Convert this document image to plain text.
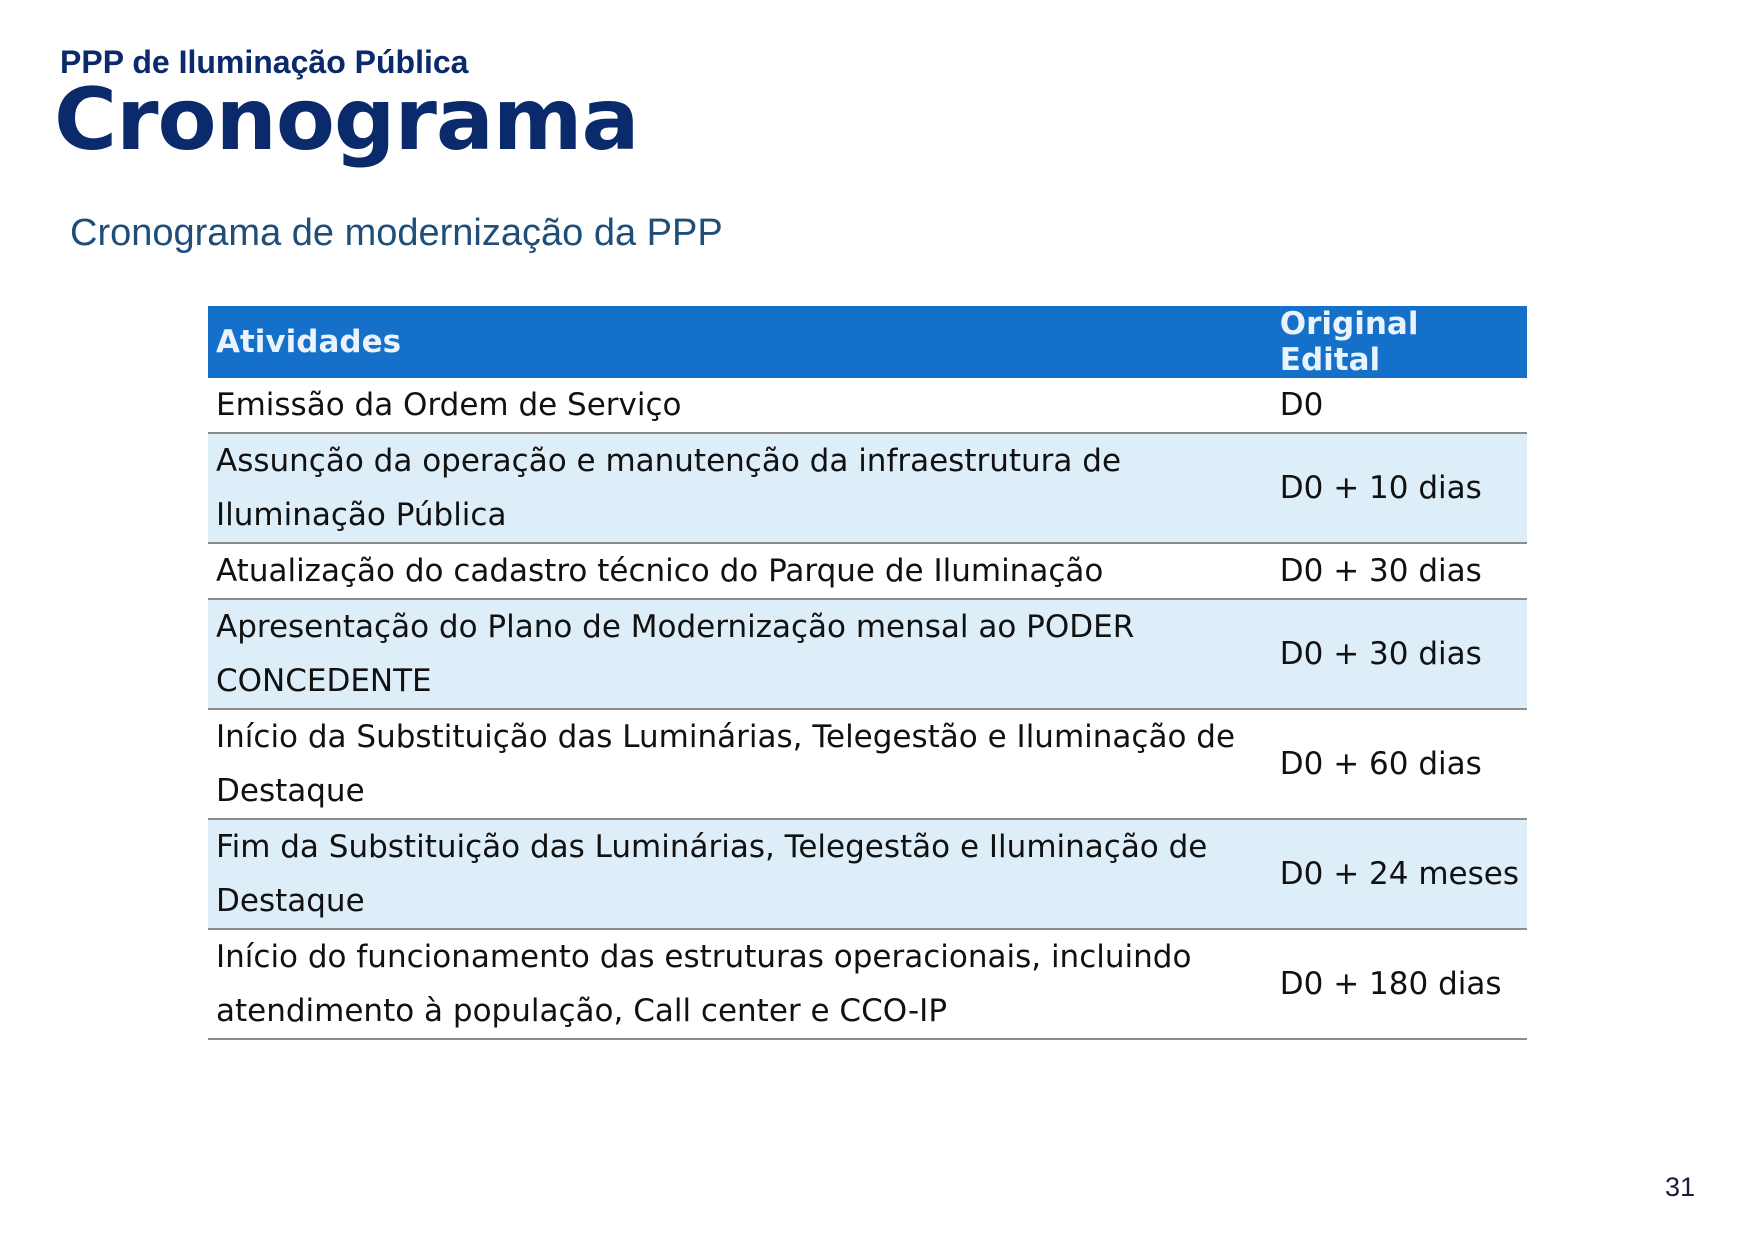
PPP de Iluminação Pública
Cronograma
Cronograma de modernização da PPP
Atividades	Original Edital
Emissão da Ordem de Serviço	D0
Assunção da operação e manutenção da infraestrutura de Iluminação Pública	D0 + 10 dias
Atualização do cadastro técnico do Parque de Iluminação	D0 + 30 dias
Apresentação do Plano de Modernização mensal ao PODER CONCEDENTE	D0 + 30 dias
Início da Substituição das Luminárias, Telegestão e Iluminação de Destaque	D0 + 60 dias
Fim da Substituição das Luminárias, Telegestão e Iluminação de Destaque	D0 + 24 meses
Início do funcionamento das estruturas operacionais, incluindo atendimento à população, Call center e CCO-IP	D0 + 180 dias
31
